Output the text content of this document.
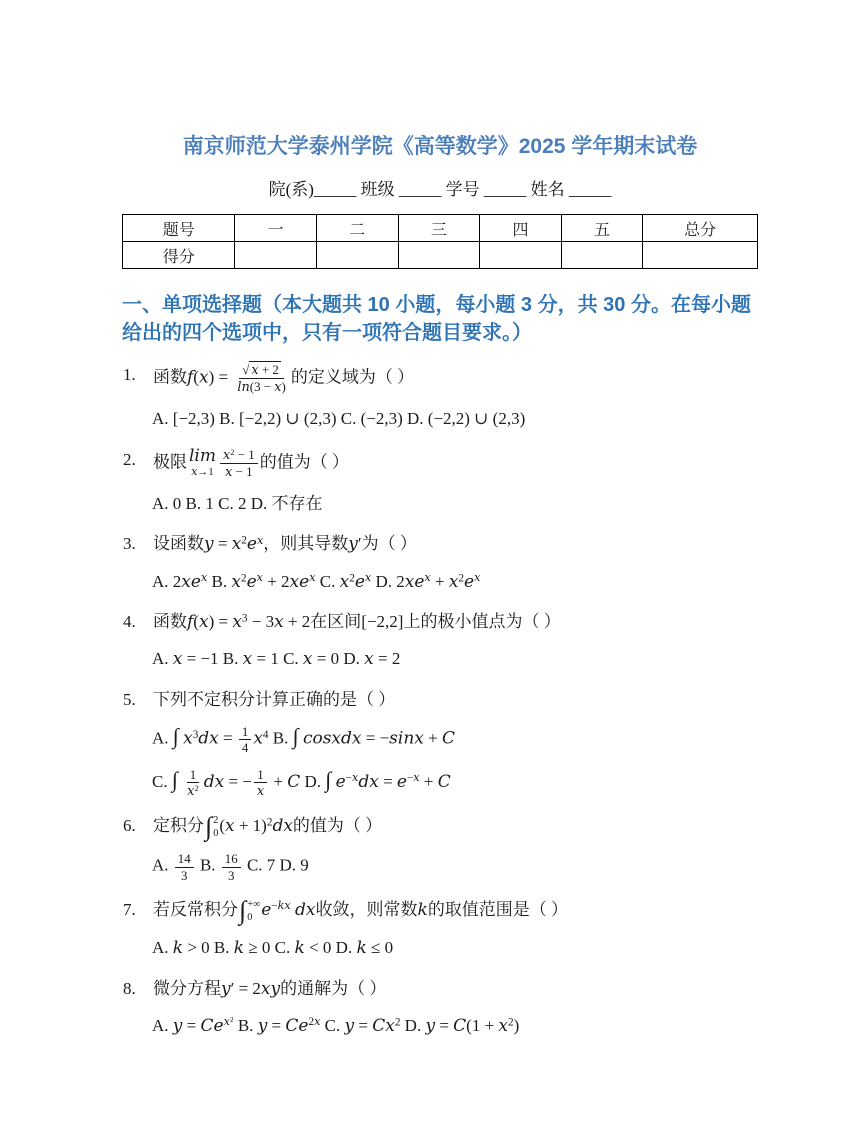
南京师范大学泰州学院《高等数学》2025 学年期末试卷
院(系)_____ 班级 _____ 学号 _____ 姓名 _____
题号	一	二	三	四	五	总分
得分						
一、单项选择题（本大题共 10 小题，每小题 3 分，共 30 分。在每小题给出的四个选项中，只有一项符合题目要求。）
1.	函数$f(x) = \frac{√ x + 2}{\ln(3 - x)}$ 的定义域为（ ）
A. [−2,3) B. [−2,2) ∪ (2,3) C. (−2,3) D. (−2,2) ∪ (2,3)
2.	极限 lim
$x\to 1 \frac{x^2 - 1}{x - 1}$ 的值为（ ）
A. 0 B. 1 C. 2 D. 不存在
3.	设函数$y = x^2e^x$，则其导数y′为（ ）
A. $2xe^x$ B. $x^2e^x + 2xe^x$ C. $x^2e^x$ D. $2xe^x + x^2e^x$
4.	函数$f(x) = x^3 - 3x + 2$在区间[−2,2]上的极小值点为（ ）
A. x = −1 B. x = 1 C. x = 0 D. x = 2
5.	下列不定积分计算正确的是（ ）
A. ∫ $x^3dx = \frac{1}{4} x^4$ B. ∫ cosxdx = −sinx + C
C. ∫ $\frac{1}{x^2}$ dx = − $\frac{1}{x} + C$ D. ∫ $e^{-x}dx = e^{-x} + C$
6.	定积分 ∫ 2
0 $(x + 1)^2dx$的值为（ ）
A. $\frac{14}{3} B$. $\frac{16}{3} C$. 7 D. 9
7.	若反常积分 ∫ +∞
0 $e^{-kx}$ dx收敛，则常数k的取值范围是（ ）
A. k > 0 B. k ≥ 0 C. k < 0 D. k ≤ 0
8.	微分方程y′ = 2xy的通解为（ ）
A. $y = Ce^{x^2}$ B. $y = Ce^{2x}$ C. $y = Cx^2$ D. $y = C(1 + x^2)$
